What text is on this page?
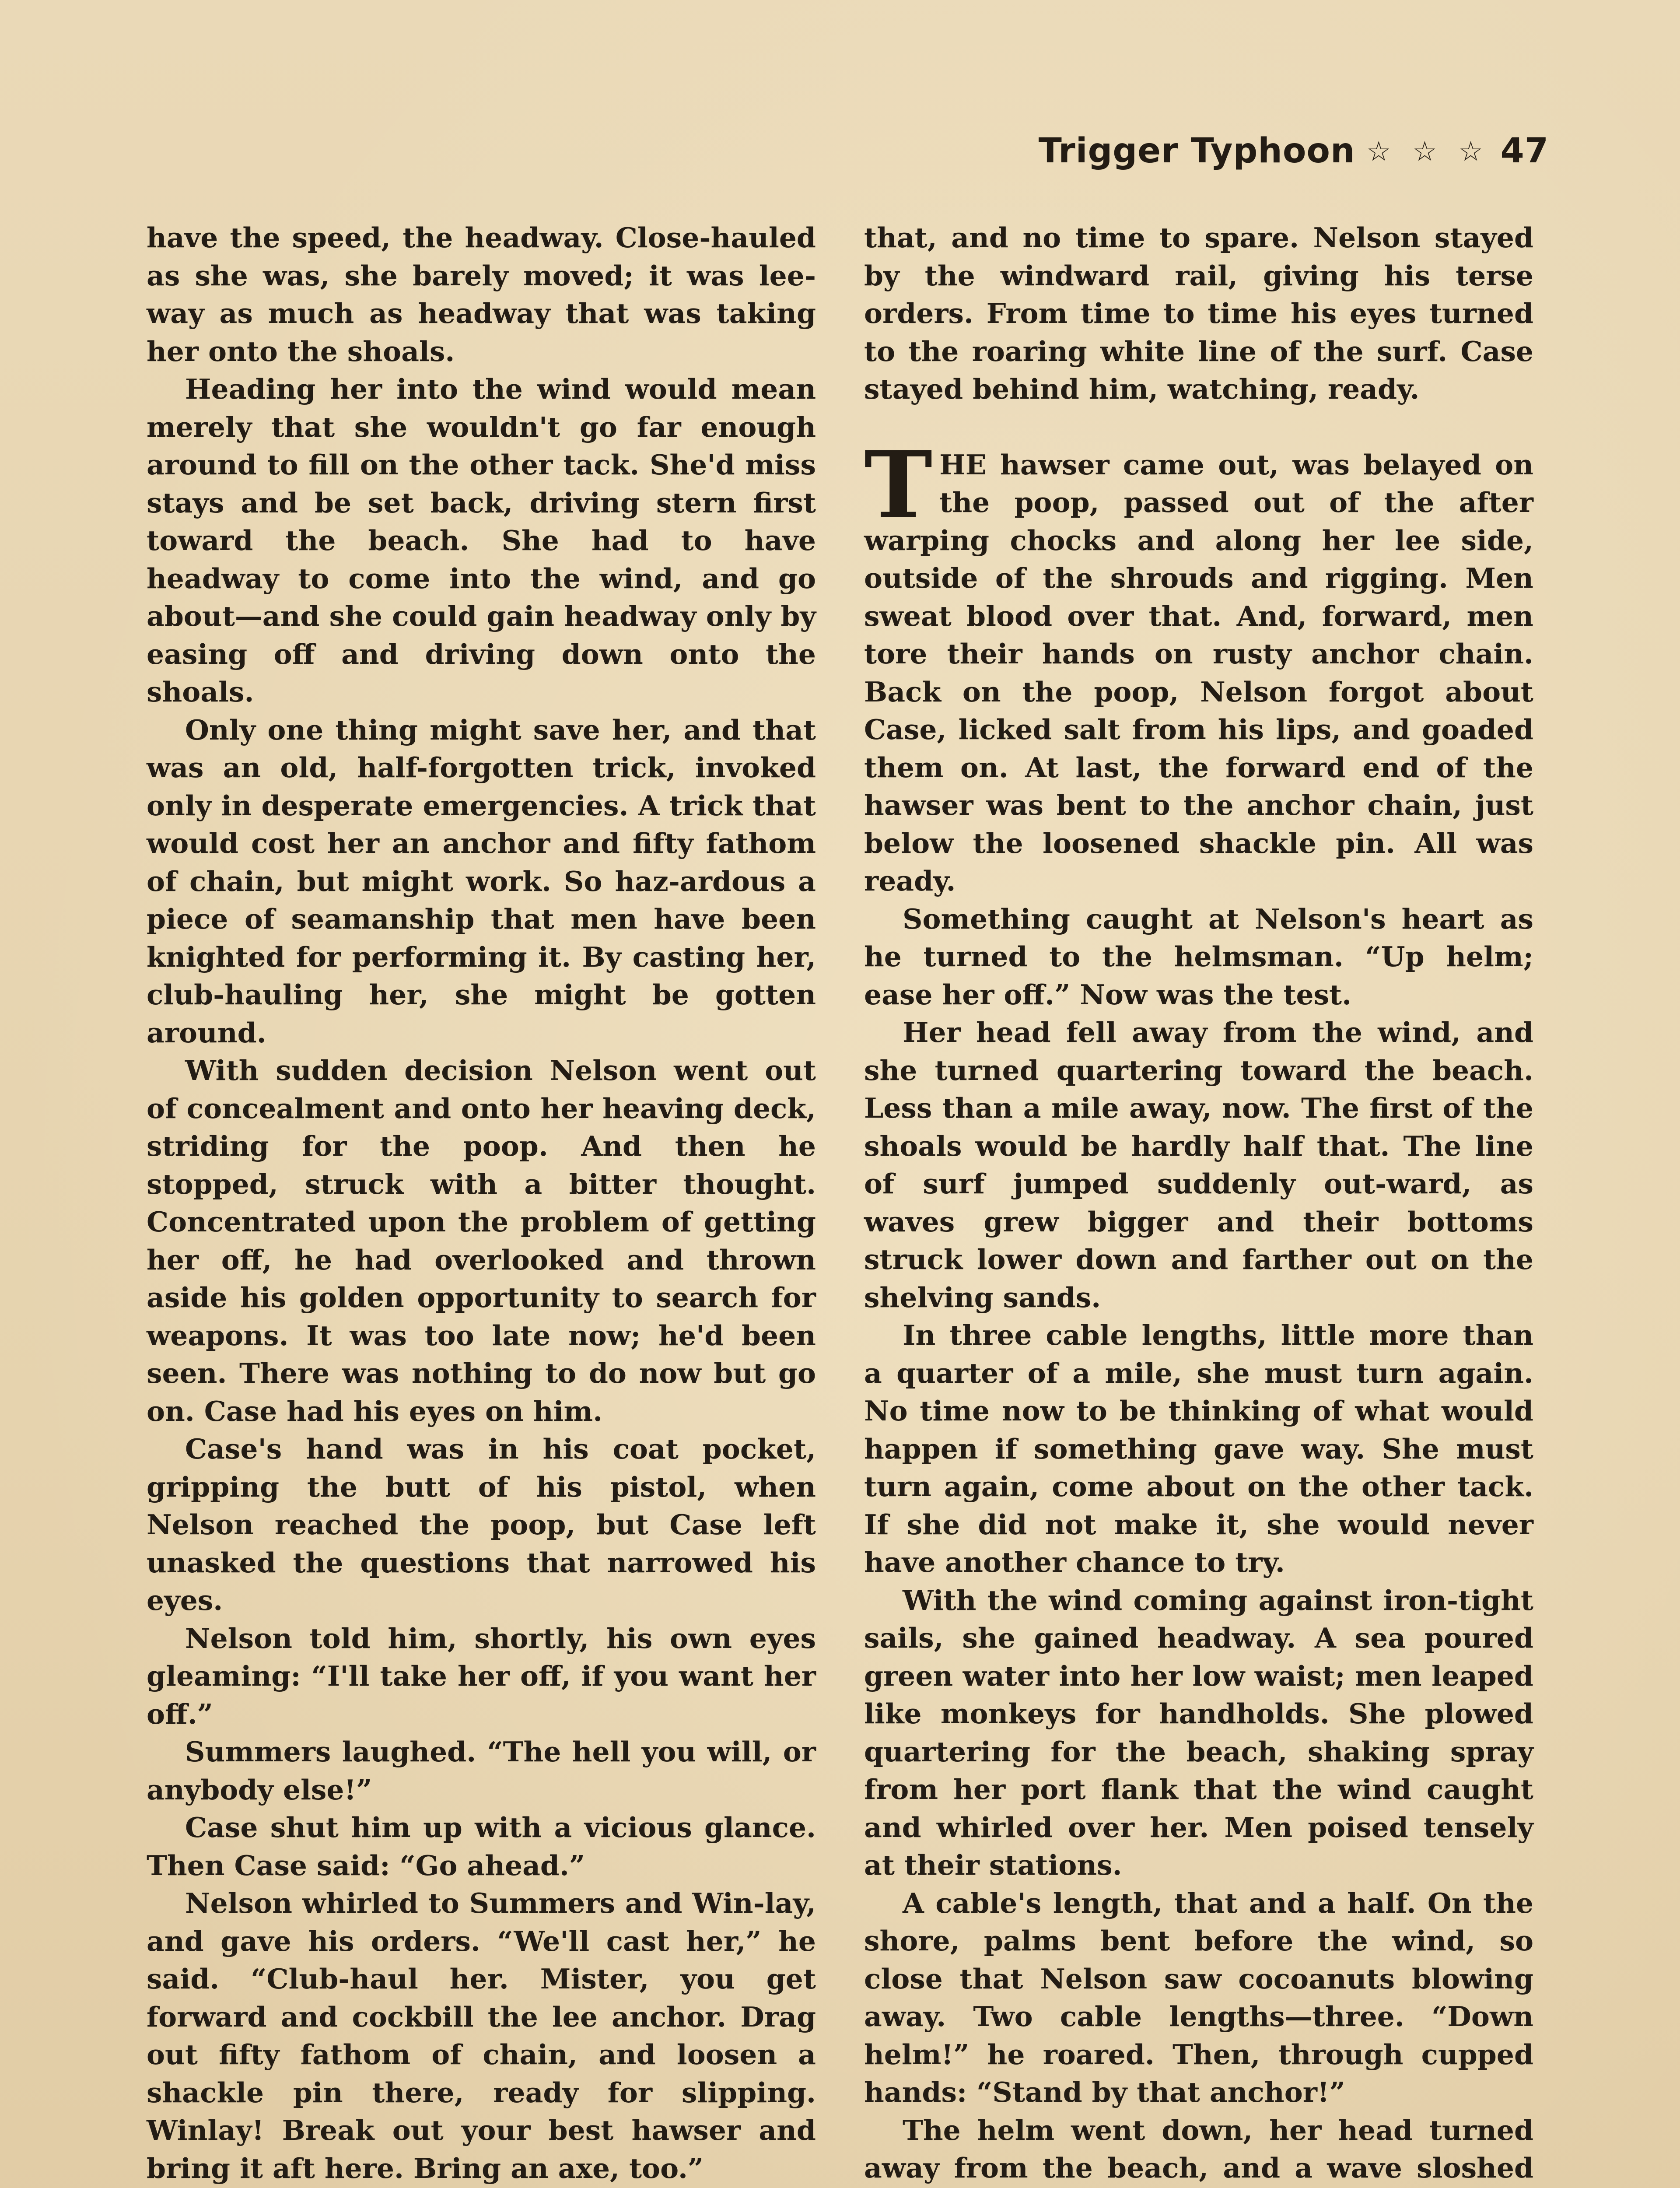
Trigger Typhoon ☆ ☆ ☆ 47

have the speed, the headway. Close-hauled as she was, she barely moved; it was lee-way as much as headway that was taking her onto the shoals.

Heading her into the wind would mean merely that she wouldn't go far enough around to fill on the other tack. She'd miss stays and be set back, driving stern first toward the beach. She had to have headway to come into the wind, and go about—and she could gain headway only by easing off and driving down onto the shoals.

Only one thing might save her, and that was an old, half-forgotten trick, invoked only in desperate emergencies. A trick that would cost her an anchor and fifty fathom of chain, but might work. So haz-ardous a piece of seamanship that men have been knighted for performing it. By casting her, club-hauling her, she might be gotten around.

With sudden decision Nelson went out of concealment and onto her heaving deck, striding for the poop. And then he stopped, struck with a bitter thought. Concentrated upon the problem of getting her off, he had overlooked and thrown aside his golden opportunity to search for weapons. It was too late now; he'd been seen. There was nothing to do now but go on. Case had his eyes on him.

Case's hand was in his coat pocket, gripping the butt of his pistol, when Nelson reached the poop, but Case left unasked the questions that narrowed his eyes.

Nelson told him, shortly, his own eyes gleaming: “I'll take her off, if you want her off.”

Summers laughed. “The hell you will, or anybody else!”

Case shut him up with a vicious glance. Then Case said: “Go ahead.”

Nelson whirled to Summers and Win-lay, and gave his orders. “We'll cast her,” he said. “Club-haul her. Mister, you get forward and cockbill the lee anchor. Drag out fifty fathom of chain, and loosen a shackle pin there, ready for slipping. Winlay! Break out your best hawser and bring it aft here. Bring an axe, too.”

that, and no time to spare. Nelson stayed by the windward rail, giving his terse orders. From time to time his eyes turned to the roaring white line of the surf. Case stayed behind him, watching, ready.

THE hawser came out, was belayed on the poop, passed out of the after warping chocks and along her lee side, outside of the shrouds and rigging. Men sweat blood over that. And, forward, men tore their hands on rusty anchor chain. Back on the poop, Nelson forgot about Case, licked salt from his lips, and goaded them on. At last, the forward end of the hawser was bent to the anchor chain, just below the loosened shackle pin. All was ready.

Something caught at Nelson's heart as he turned to the helmsman. “Up helm; ease her off.” Now was the test.

Her head fell away from the wind, and she turned quartering toward the beach. Less than a mile away, now. The first of the shoals would be hardly half that. The line of surf jumped suddenly out-ward, as waves grew bigger and their bottoms struck lower down and farther out on the shelving sands.

In three cable lengths, little more than a quarter of a mile, she must turn again. No time now to be thinking of what would happen if something gave way. She must turn again, come about on the other tack. If she did not make it, she would never have another chance to try.

With the wind coming against iron-tight sails, she gained headway. A sea poured green water into her low waist; men leaped like monkeys for handholds. She plowed quartering for the beach, shaking spray from her port flank that the wind caught and whirled over her. Men poised tensely at their stations.

A cable's length, that and a half. On the shore, palms bent before the wind, so close that Nelson saw cocoanuts blowing away. Two cable lengths—three. “Down helm!” he roared. Then, through cupped hands: “Stand by that anchor!”

The helm went down, her head turned away from the beach, and a wave sloshed
